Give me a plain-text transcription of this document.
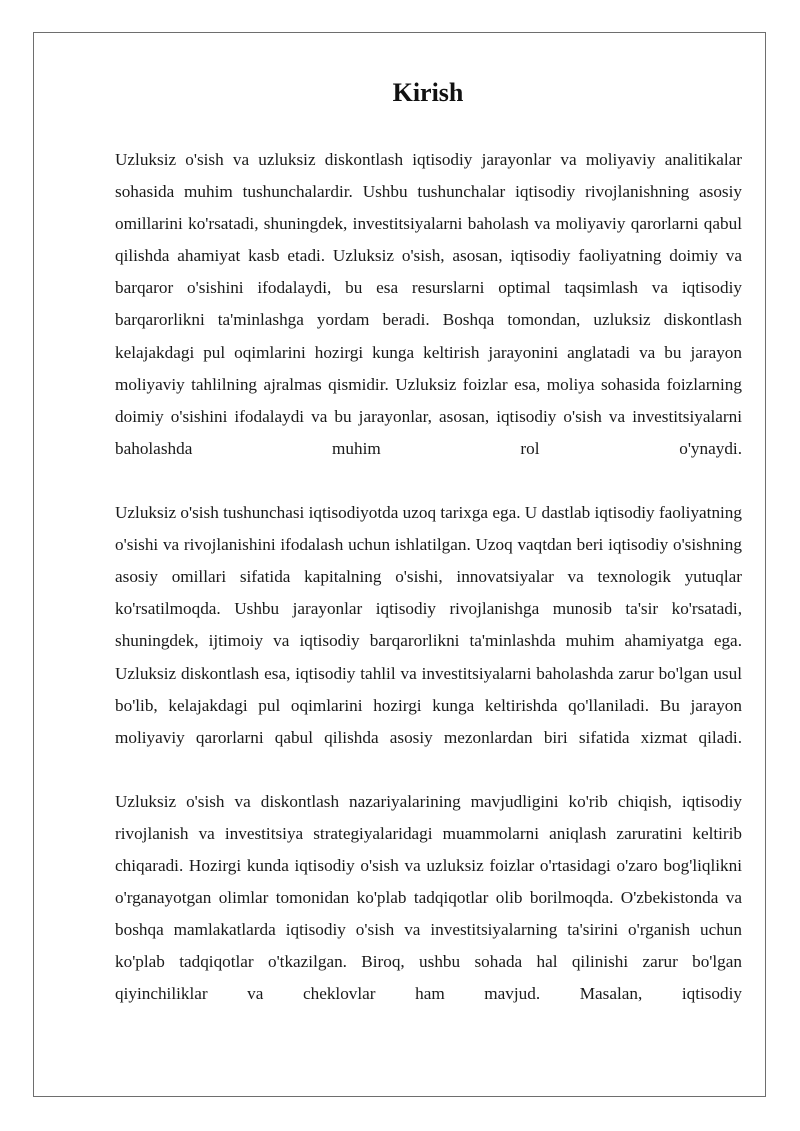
Kirish

Uzluksiz o'sish va uzluksiz diskontlash iqtisodiy jarayonlar va moliyaviy analitikalar sohasida muhim tushunchalardir. Ushbu tushunchalar iqtisodiy rivojlanishning asosiy omillarini ko'rsatadi, shuningdek, investitsiyalarni baholash va moliyaviy qarorlarni qabul qilishda ahamiyat kasb etadi. Uzluksiz o'sish, asosan, iqtisodiy faoliyatning doimiy va barqaror o'sishini ifodalaydi, bu esa resurslarni optimal taqsimlash va iqtisodiy barqarorlikni ta'minlashga yordam beradi. Boshqa tomondan, uzluksiz diskontlash kelajakdagi pul oqimlarini hozirgi kunga keltirish jarayonini anglatadi va bu jarayon moliyaviy tahlilning ajralmas qismidir. Uzluksiz foizlar esa, moliya sohasida foizlarning doimiy o'sishini ifodalaydi va bu jarayonlar, asosan, iqtisodiy o'sish va investitsiyalarni baholashda muhim rol o'ynaydi.

Uzluksiz o'sish tushunchasi iqtisodiyotda uzoq tarixga ega. U dastlab iqtisodiy faoliyatning o'sishi va rivojlanishini ifodalash uchun ishlatilgan. Uzoq vaqtdan beri iqtisodiy o'sishning asosiy omillari sifatida kapitalning o'sishi, innovatsiyalar va texnologik yutuqlar ko'rsatilmoqda. Ushbu jarayonlar iqtisodiy rivojlanishga munosib ta'sir ko'rsatadi, shuningdek, ijtimoiy va iqtisodiy barqarorlikni ta'minlashda muhim ahamiyatga ega. Uzluksiz diskontlash esa, iqtisodiy tahlil va investitsiyalarni baholashda zarur bo'lgan usul bo'lib, kelajakdagi pul oqimlarini hozirgi kunga keltirishda qo'llaniladi. Bu jarayon moliyaviy qarorlarni qabul qilishda asosiy mezonlardan biri sifatida xizmat qiladi.

Uzluksiz o'sish va diskontlash nazariyalarining mavjudligini ko'rib chiqish, iqtisodiy rivojlanish va investitsiya strategiyalaridagi muammolarni aniqlash zaruratini keltirib chiqaradi. Hozirgi kunda iqtisodiy o'sish va uzluksiz foizlar o'rtasidagi o'zaro bog'liqlikni o'rganayotgan olimlar tomonidan ko'plab tadqiqotlar olib borilmoqda. O'zbekistonda va boshqa mamlakatlarda iqtisodiy o'sish va investitsiyalarning ta'sirini o'rganish uchun ko'plab tadqiqotlar o'tkazilgan. Biroq, ushbu sohada hal qilinishi zarur bo'lgan qiyinchiliklar va cheklovlar ham mavjud. Masalan, iqtisodiy
